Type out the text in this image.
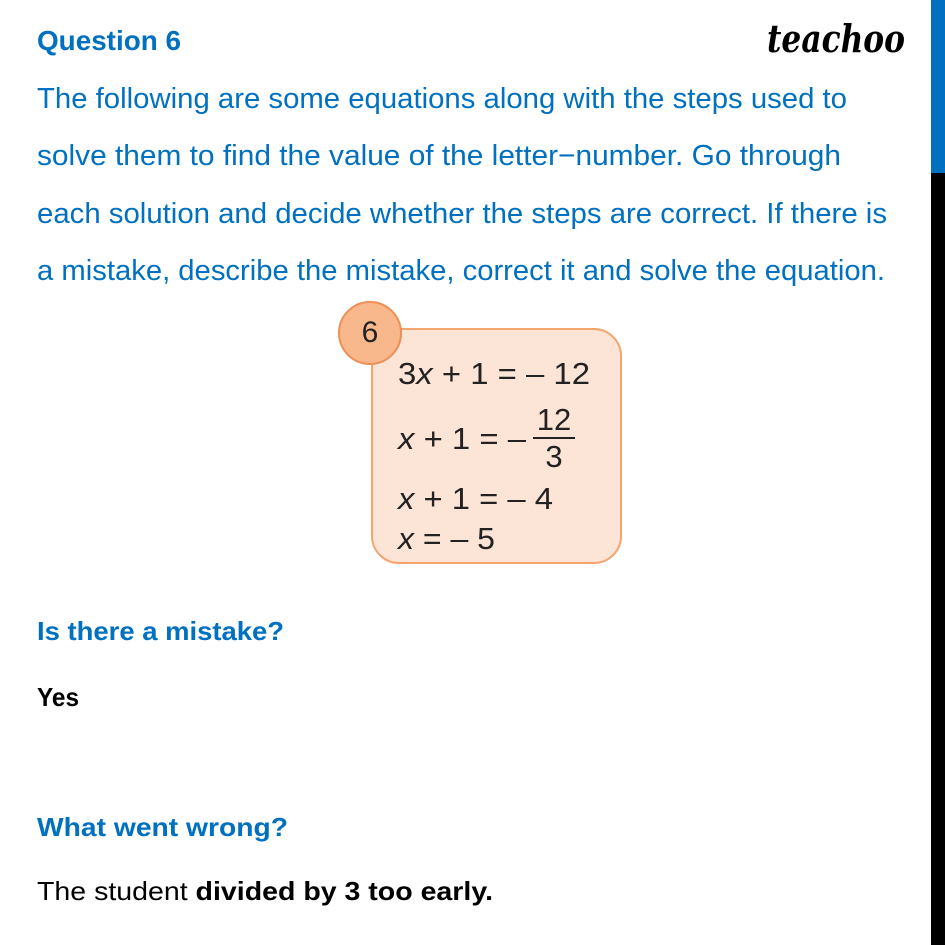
Question 6	teachoo
The following are some equations along with the steps used to
solve them to find the value of the letter−number. Go through
each solution and decide whether the steps are correct. If there is
a mistake, describe the mistake, correct it and solve the equation.
6
3x + 1 = – 12
x + 1 = –
12
3
x + 1 = – 4
x = – 5
Is there a mistake?
Yes
What went wrong?
The student divided by 3 too early.
